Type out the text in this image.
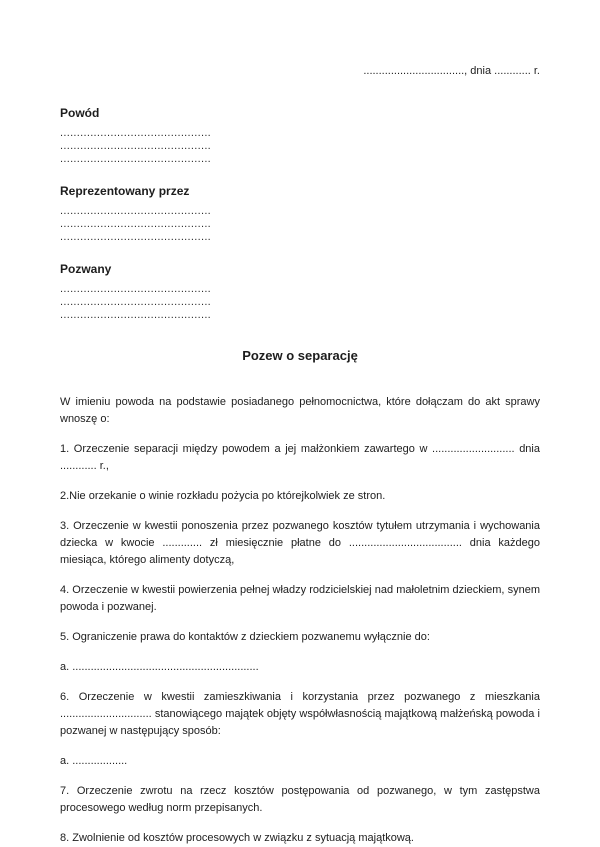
................................., dnia ............ r.

Powód

.............................................
.............................................
.............................................

Reprezentowany przez

.............................................
.............................................
.............................................

Pozwany

.............................................
.............................................
.............................................
Pozew o separację

W imieniu powoda na podstawie posiadanego pełnomocnictwa, które dołączam do akt sprawy wnoszę o:

1. Orzeczenie separacji między powodem a jej małżonkiem zawartego w ........................... dnia ............ r.,

2.Nie orzekanie o winie rozkładu pożycia po którejkolwiek ze stron.

3. Orzeczenie w kwestii ponoszenia przez pozwanego kosztów tytułem utrzymania i wychowania dziecka w kwocie ............. zł miesięcznie płatne do ..................................... dnia każdego miesiąca, którego alimenty dotyczą,

4. Orzeczenie w kwestii powierzenia pełnej władzy rodzicielskiej nad małoletnim dzieckiem, synem powoda i pozwanej.

5. Ograniczenie prawa do kontaktów z dzieckiem pozwanemu wyłącznie do:

a. .............................................................

6. Orzeczenie w kwestii zamieszkiwania i korzystania przez pozwanego z mieszkania .............................. stanowiącego majątek objęty współwłasnością majątkową małżeńską powoda i pozwanej w następujący sposób:

a. ..................

7. Orzeczenie zwrotu na rzecz kosztów postępowania od pozwanego, w tym zastępstwa procesowego według norm przepisanych.

8. Zwolnienie od kosztów procesowych w związku z sytuacją majątkową.
